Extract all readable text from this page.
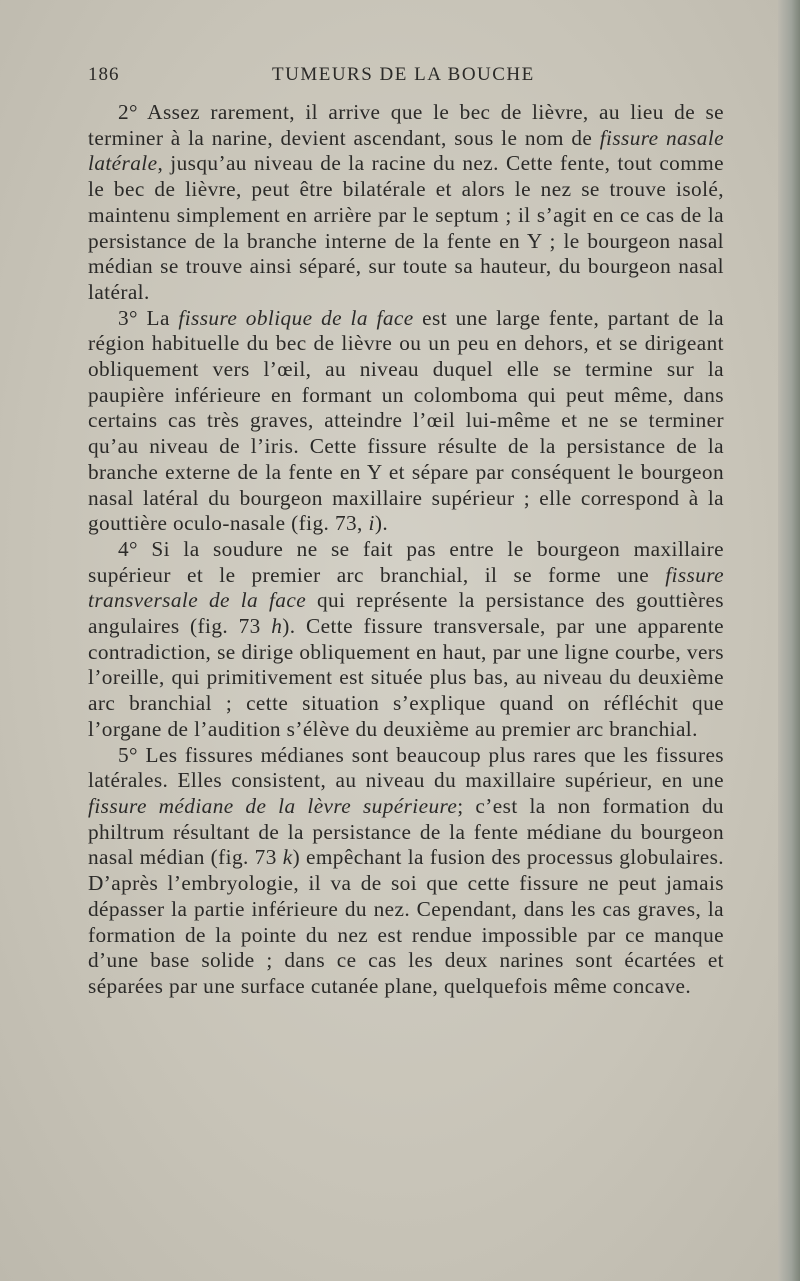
186	TUMEURS DE LA BOUCHE

2° Assez rarement, il arrive que le bec de lièvre, au lieu de se terminer à la narine, devient ascendant, sous le nom de fissure nasale latérale, jusqu’au niveau de la racine du nez. Cette fente, tout comme le bec de lièvre, peut être bilatérale et alors le nez se trouve isolé, maintenu simplement en arrière par le septum ; il s’agit en ce cas de la persistance de la branche interne de la fente en Y ; le bourgeon nasal médian se trouve ainsi séparé, sur toute sa hauteur, du bourgeon nasal latéral.

3° La fissure oblique de la face est une large fente, partant de la région habituelle du bec de lièvre ou un peu en dehors, et se dirigeant obliquement vers l’œil, au niveau duquel elle se termine sur la paupière inférieure en formant un colomboma qui peut même, dans certains cas très graves, atteindre l’œil lui-même et ne se terminer qu’au niveau de l’iris. Cette fissure résulte de la persistance de la branche externe de la fente en Y et sépare par conséquent le bourgeon nasal latéral du bourgeon maxillaire supérieur ; elle correspond à la gouttière oculo-nasale (fig. 73, i).

4° Si la soudure ne se fait pas entre le bourgeon maxillaire supérieur et le premier arc branchial, il se forme une fissure transversale de la face qui représente la persistance des gouttières angulaires (fig. 73 h). Cette fissure transversale, par une apparente contradiction, se dirige obliquement en haut, par une ligne courbe, vers l’oreille, qui primitivement est située plus bas, au niveau du deuxième arc branchial ; cette situation s’explique quand on réfléchit que l’organe de l’audition s’élève du deuxième au premier arc branchial.

5° Les fissures médianes sont beaucoup plus rares que les fissures latérales. Elles consistent, au niveau du maxillaire supérieur, en une fissure médiane de la lèvre supérieure; c’est la non formation du philtrum résultant de la persistance de la fente médiane du bourgeon nasal médian (fig. 73 k) empêchant la fusion des processus globulaires. D’après l’embryologie, il va de soi que cette fissure ne peut jamais dépasser la partie inférieure du nez. Cependant, dans les cas graves, la formation de la pointe du nez est rendue impossible par ce manque d’une base solide ; dans ce cas les deux narines sont écartées et séparées par une surface cutanée plane, quelquefois même concave.
